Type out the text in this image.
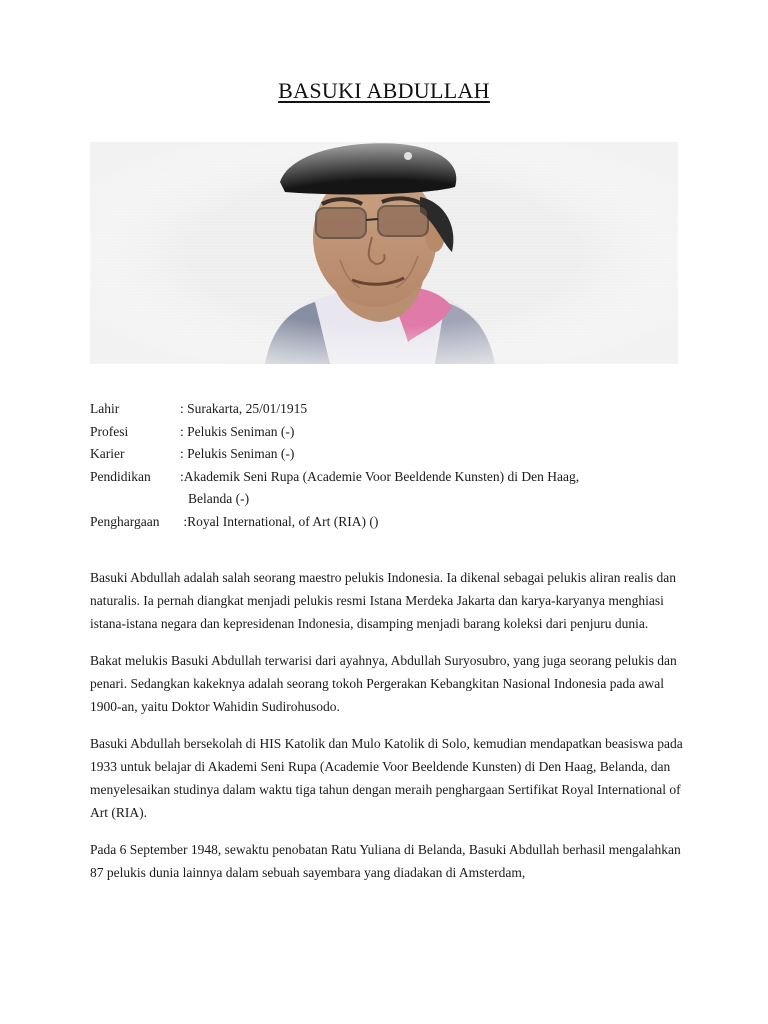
BASUKI ABDULLAH
Lahir	: Surakarta, 25/01/1915
Profesi	: Pelukis Seniman (-)
Karier	: Pelukis Seniman (-)
Pendidikan	:Akademik Seni Rupa (Academie Voor Beeldende Kunsten) di Den Haag,
Belanda (-)
Penghargaan	:Royal International, of Art (RIA) ()

Basuki Abdullah adalah salah seorang maestro pelukis Indonesia. Ia dikenal sebagai pelukis aliran realis dan naturalis. Ia pernah diangkat menjadi pelukis resmi Istana Merdeka Jakarta dan karya-karyanya menghiasi istana-istana negara dan kepresidenan Indonesia, disamping menjadi barang koleksi dari penjuru dunia.

Bakat melukis Basuki Abdullah terwarisi dari ayahnya, Abdullah Suryosubro, yang juga seorang pelukis dan penari. Sedangkan kakeknya adalah seorang tokoh Pergerakan Kebangkitan Nasional Indonesia pada awal 1900-an, yaitu Doktor Wahidin Sudirohusodo.

Basuki Abdullah bersekolah di HIS Katolik dan Mulo Katolik di Solo, kemudian mendapatkan beasiswa pada 1933 untuk belajar di Akademi Seni Rupa (Academie Voor Beeldende Kunsten) di Den Haag, Belanda, dan menyelesaikan studinya dalam waktu tiga tahun dengan meraih penghargaan Sertifikat Royal International of Art (RIA).

Pada 6 September 1948, sewaktu penobatan Ratu Yuliana di Belanda, Basuki Abdullah berhasil mengalahkan 87 pelukis dunia lainnya dalam sebuah sayembara yang diadakan di Amsterdam,
